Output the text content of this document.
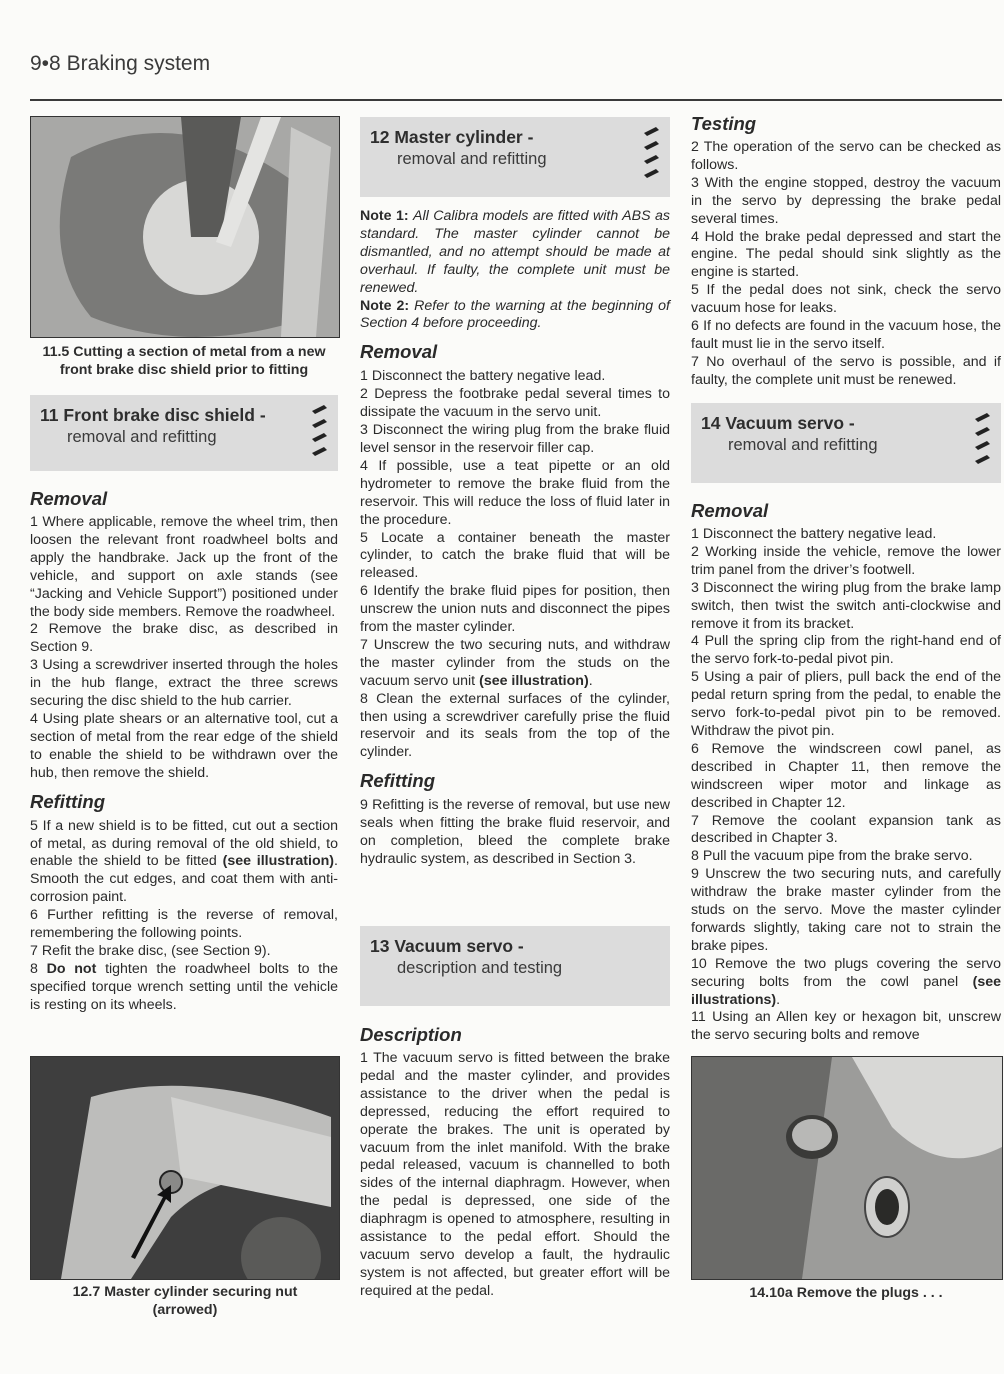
9•8 Braking system
11.5 Cutting a section of metal from a new front brake disc shield prior to fitting
11 Front brake disc shield -
removal and refitting
Removal

1 Where applicable, remove the wheel trim, then loosen the relevant front roadwheel bolts and apply the handbrake. Jack up the front of the vehicle, and support on axle stands (see “Jacking and Vehicle Support”) positioned under the body side members. Remove the roadwheel.

2 Remove the brake disc, as described in Section 9.

3 Using a screwdriver inserted through the holes in the hub flange, extract the three screws securing the disc shield to the hub carrier.

4 Using plate shears or an alternative tool, cut a section of metal from the rear edge of the shield to enable the shield to be withdrawn over the hub, then remove the shield.

Refitting

5 If a new shield is to be fitted, cut out a section of metal, as during removal of the old shield, to enable the shield to be fitted (see illustration). Smooth the cut edges, and coat them with anti-corrosion paint.

6 Further refitting is the reverse of removal, remembering the following points.

7 Refit the brake disc, (see Section 9).

8 Do not tighten the roadwheel bolts to the specified torque wrench setting until the vehicle is resting on its wheels.

12.7 Master cylinder securing nut (arrowed)
12 Master cylinder -
removal and refitting

Note 1: All Calibra models are fitted with ABS as standard. The master cylinder cannot be dismantled, and no attempt should be made at overhaul. If faulty, the complete unit must be renewed.

Note 2: Refer to the warning at the beginning of Section 4 before proceeding.

Removal

1 Disconnect the battery negative lead.

2 Depress the footbrake pedal several times to dissipate the vacuum in the servo unit.

3 Disconnect the wiring plug from the brake fluid level sensor in the reservoir filler cap.

4 If possible, use a teat pipette or an old hydrometer to remove the brake fluid from the reservoir. This will reduce the loss of fluid later in the procedure.

5 Locate a container beneath the master cylinder, to catch the brake fluid that will be released.

6 Identify the brake fluid pipes for position, then unscrew the union nuts and disconnect the pipes from the master cylinder.

7 Unscrew the two securing nuts, and withdraw the master cylinder from the studs on the vacuum servo unit (see illustration).

8 Clean the external surfaces of the cylinder, then using a screwdriver carefully prise the fluid reservoir and its seals from the top of the cylinder.

Refitting

9 Refitting is the reverse of removal, but use new seals when fitting the brake fluid reservoir, and on completion, bleed the complete brake hydraulic system, as described in Section 3.

13 Vacuum servo -
description and testing
Description

1 The vacuum servo is fitted between the brake pedal and the master cylinder, and provides assistance to the driver when the pedal is depressed, reducing the effort required to operate the brakes. The unit is operated by vacuum from the inlet manifold. With the brake pedal released, vacuum is channelled to both sides of the internal diaphragm. However, when the pedal is depressed, one side of the diaphragm is opened to atmosphere, resulting in assistance to the pedal effort. Should the vacuum servo develop a fault, the hydraulic system is not affected, but greater effort will be required at the pedal.

Testing

2 The operation of the servo can be checked as follows.

3 With the engine stopped, destroy the vacuum in the servo by depressing the brake pedal several times.

4 Hold the brake pedal depressed and start the engine. The pedal should sink slightly as the engine is started.

5 If the pedal does not sink, check the servo vacuum hose for leaks.

6 If no defects are found in the vacuum hose, the fault must lie in the servo itself.

7 No overhaul of the servo is possible, and if faulty, the complete unit must be renewed.

14 Vacuum servo -
removal and refitting
Removal

1 Disconnect the battery negative lead.

2 Working inside the vehicle, remove the lower trim panel from the driver’s footwell.

3 Disconnect the wiring plug from the brake lamp switch, then twist the switch anti-clockwise and remove it from its bracket.

4 Pull the spring clip from the right-hand end of the servo fork-to-pedal pivot pin.

5 Using a pair of pliers, pull back the end of the pedal return spring from the pedal, to enable the servo fork-to-pedal pivot pin to be removed. Withdraw the pivot pin.

6 Remove the windscreen cowl panel, as described in Chapter 11, then remove the windscreen wiper motor and linkage as described in Chapter 12.

7 Remove the coolant expansion tank as described in Chapter 3.

8 Pull the vacuum pipe from the brake servo.

9 Unscrew the two securing nuts, and carefully withdraw the brake master cylinder from the studs on the servo. Move the master cylinder forwards slightly, taking care not to strain the brake pipes.

10 Remove the two plugs covering the servo securing bolts from the cowl panel (see illustrations).

11 Using an Allen key or hexagon bit, unscrew the servo securing bolts and remove

14.10a Remove the plugs . . .
